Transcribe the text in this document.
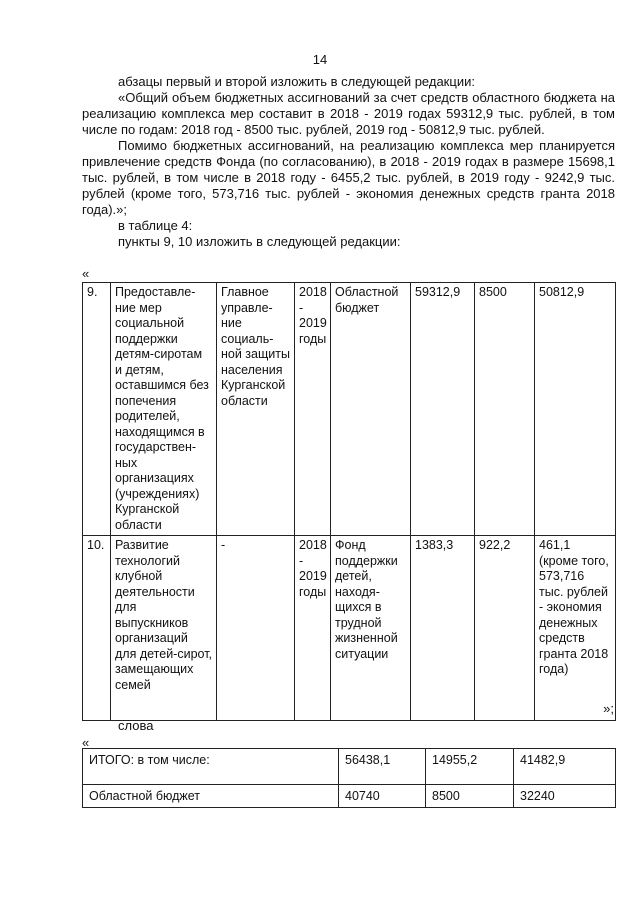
14

абзацы первый и второй изложить в следующей редакции:

«Общий объем бюджетных ассигнований за счет средств областного бюджета на реализацию комплекса мер составит в 2018 - 2019 годах 59312,9 тыс. рублей, в том числе по годам: 2018 год - 8500 тыс. рублей, 2019 год - 50812,9 тыс. рублей.

Помимо бюджетных ассигнований, на реализацию комплекса мер планируется привлечение средств Фонда (по согласованию), в 2018 - 2019 годах в размере 15698,1 тыс. рублей, в том числе в 2018 году - 6455,2 тыс. рублей, в 2019 году - 9242,9 тыс. рублей (кроме того, 573,716 тыс. рублей - экономия денежных средств гранта 2018 года).»;

в таблице 4:

пункты 9, 10 изложить в следующей редакции:

«
9.	Предоставле-ние мер социальной поддержки детям-сиротам и детям, оставшимся без попечения родителей, находящимся в государствен-ных организациях (учреждениях) Курганской области	Главное управле-ние социаль-ной защиты населения Курганской области	2018 - 2019 годы	Областной бюджет	59312,9	8500	50812,9
10.	Развитие технологий клубной деятельности для выпускников организаций для детей-сирот, замещающих семей	-	2018 - 2019 годы	Фонд поддержки детей, находя-щихся в трудной жизненной ситуации	1383,3	922,2	461,1 (кроме того, 573,716 тыс. рублей - экономия денежных средств гранта 2018 года)
»;
слова
«
ИТОГО: в том числе:	56438,1	14955,2	41482,9
Областной бюджет	40740	8500	32240
